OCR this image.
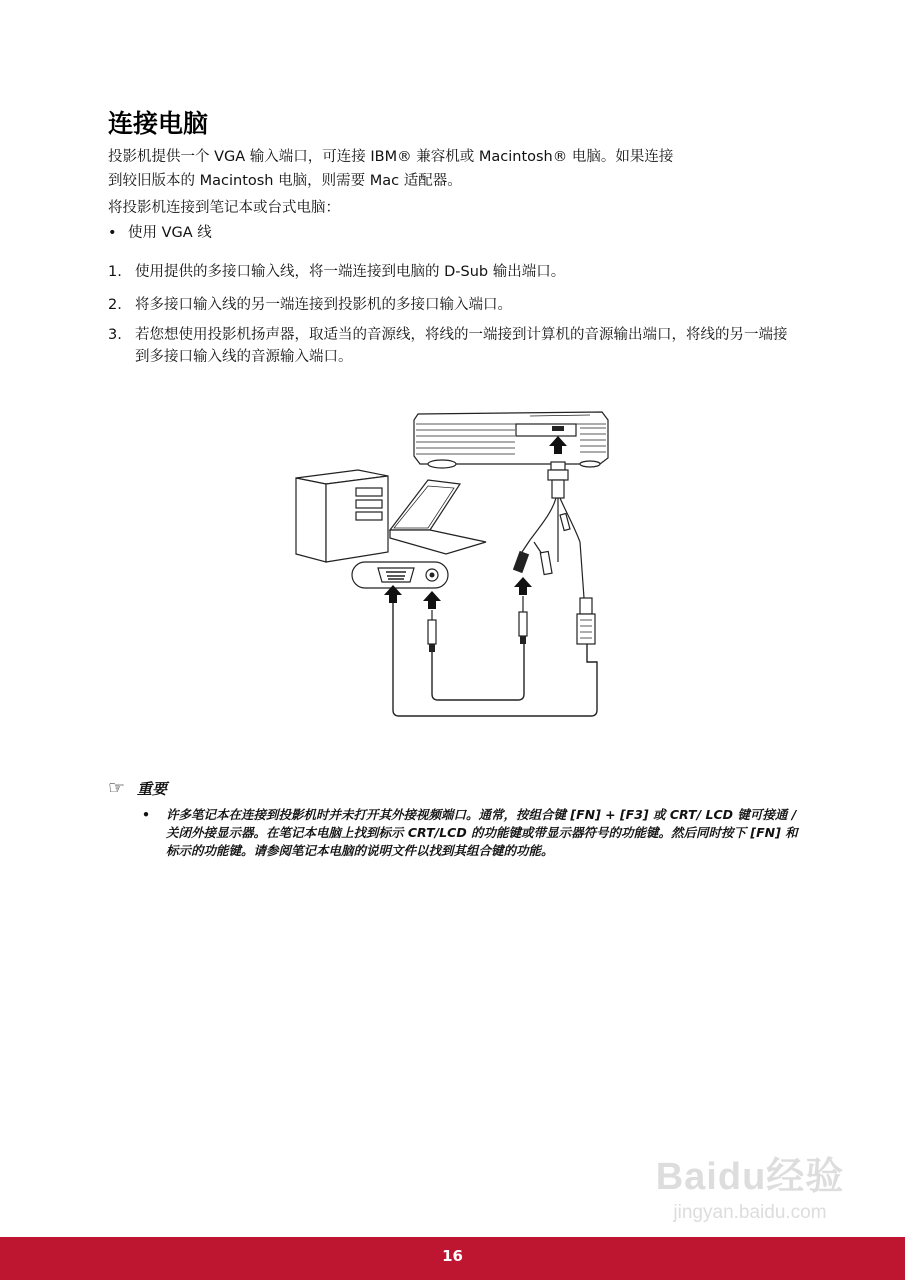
连接电脑

投影机提供一个 VGA 输入端口，可连接 IBM® 兼容机或 Macintosh® 电脑。如果连接

到较旧版本的 Macintosh 电脑，则需要 Mac 适配器。

将投影机连接到笔记本或台式电脑：

• 使用 VGA 线
1. 使用提供的多接口输入线，将一端连接到电脑的 D-Sub 输出端口。
2. 将多接口输入线的另一端连接到投影机的多接口输入端口。
3. 若您想使用投影机扬声器，取适当的音源线，将线的一端接到计算机的音源输出端口，将线的另一端接到多接口输入线的音源输入端口。
☞ 重要
•	许多笔记本在连接到投影机时并未打开其外接视频端口。通常，按组合键 [FN] + [F3] 或 CRT/ LCD 键可接通 / 关闭外接显示器。在笔记本电脑上找到标示 CRT/LCD 的功能键或带显示器符号的功能键。然后同时按下 [FN] 和标示的功能键。请参阅笔记本电脑的说明文件以找到其组合键的功能。
Baidu经验
jingyan.baidu.com
16
